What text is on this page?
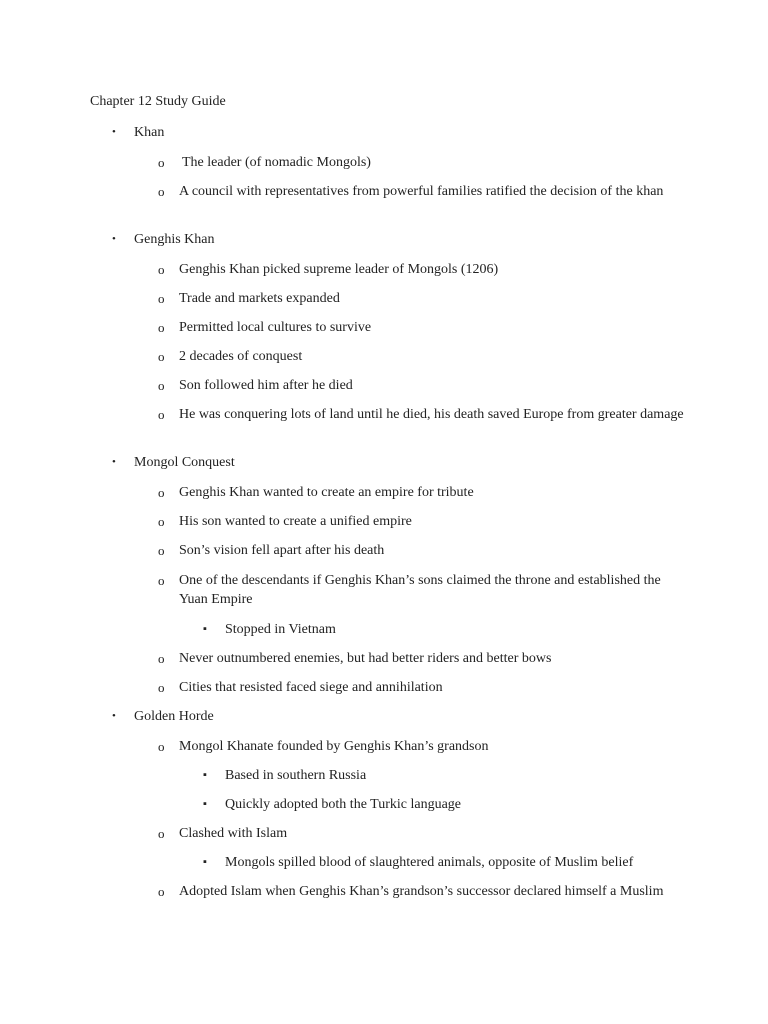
Chapter 12 Study Guide
• Khan
o The leader (of nomadic Mongols)
o A council with representatives from powerful families ratified the decision of the khan
• Genghis Khan
o Genghis Khan picked supreme leader of Mongols (1206)
o Trade and markets expanded
o Permitted local cultures to survive
o 2 decades of conquest
o Son followed him after he died
o He was conquering lots of land until he died, his death saved Europe from greater damage
• Mongol Conquest
o Genghis Khan wanted to create an empire for tribute
o His son wanted to create a unified empire
o Son’s vision fell apart after his death
o One of the descendants if Genghis Khan’s sons claimed the throne and established the Yuan Empire
▪ Stopped in Vietnam
o Never outnumbered enemies, but had better riders and better bows
o Cities that resisted faced siege and annihilation
• Golden Horde
o Mongol Khanate founded by Genghis Khan’s grandson
▪ Based in southern Russia
▪ Quickly adopted both the Turkic language
o Clashed with Islam
▪ Mongols spilled blood of slaughtered animals, opposite of Muslim belief
o Adopted Islam when Genghis Khan’s grandson’s successor declared himself a Muslim
